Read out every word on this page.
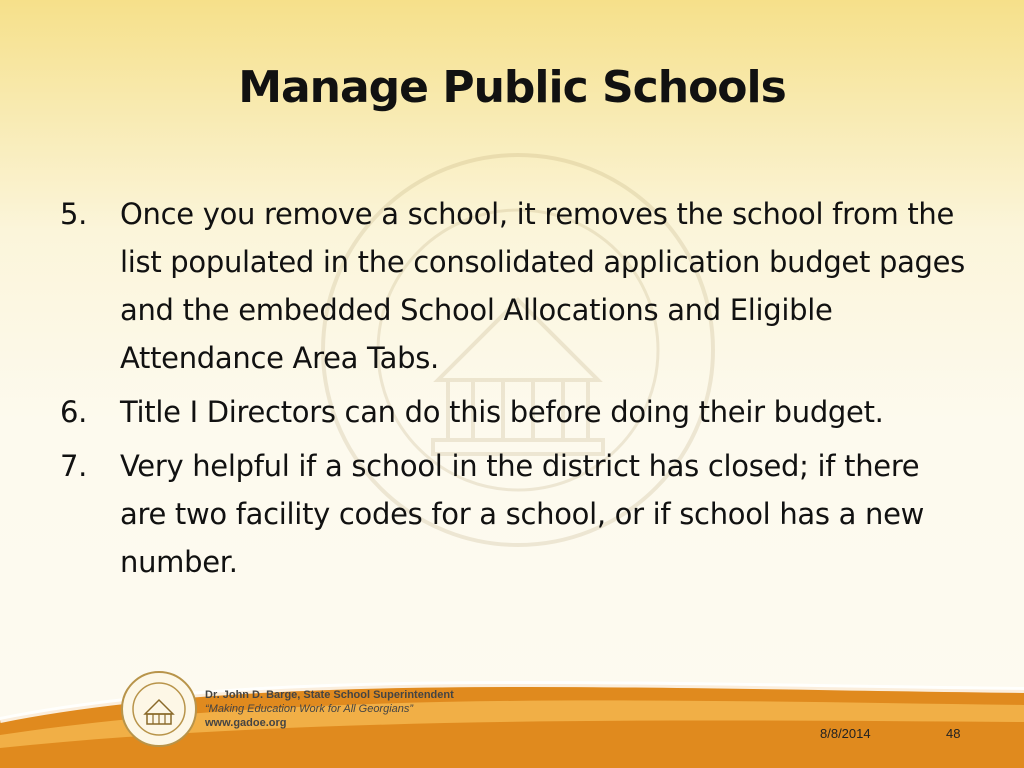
Manage Public Schools
5.	Once you remove a school, it removes the school from the list populated in the consolidated application budget pages and the embedded School Allocations and Eligible Attendance Area Tabs.
6.	Title I Directors can do this before doing their budget.
7.	Very helpful if a school in the district has closed; if there are two facility codes for a school, or if school has a new number.
Dr. John D. Barge, State School Superintendent
“Making Education Work for All Georgians”
www.gadoe.org
8/8/2014	48
